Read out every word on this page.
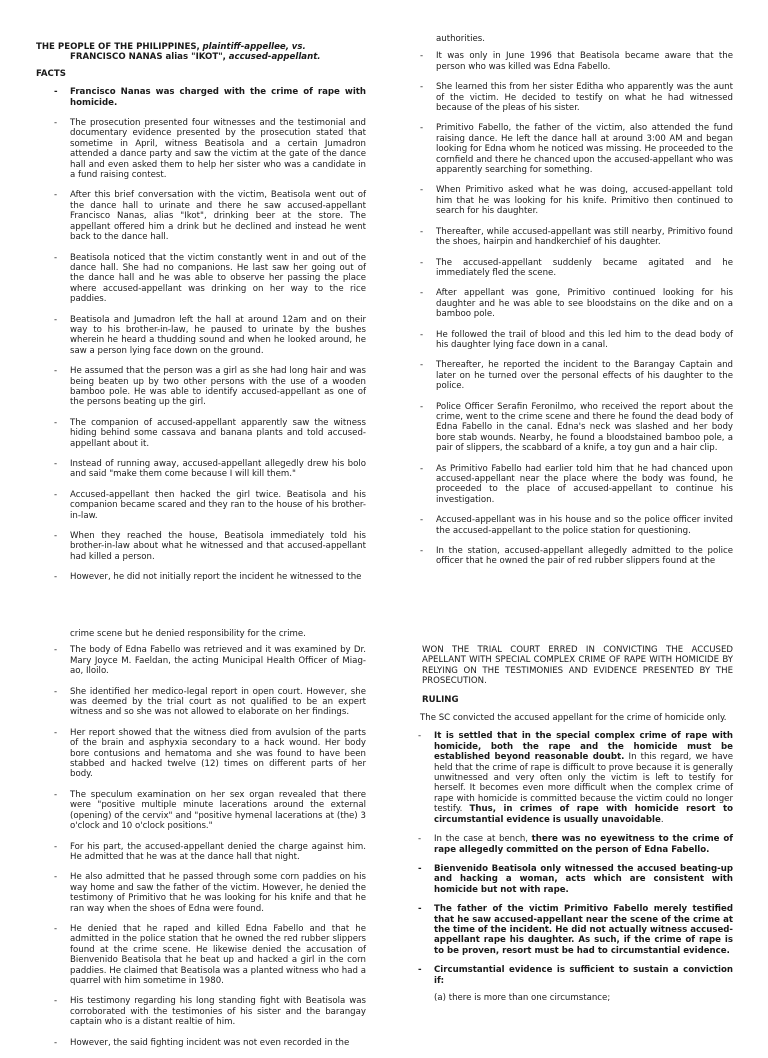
THE PEOPLE OF THE PHILIPPINES, plaintiff-appellee, vs.
FRANCISCO NANAS alias "IKOT", accused-appellant.
FACTS
- Francisco Nanas was charged with the crime of rape with homicide.
- The prosecution presented four witnesses and the testimonial and documentary evidence presented by the prosecution stated that sometime in April, witness Beatisola and a certain Jumadron attended a dance party and saw the victim at the gate of the dance hall and even asked them to help her sister who was a candidate in a fund raising contest.
- After this brief conversation with the victim, Beatisola went out of the dance hall to urinate and there he saw accused-appellant Francisco Nanas, alias "Ikot", drinking beer at the store. The appellant offered him a drink but he declined and instead he went back to the dance hall.
- Beatisola noticed that the victim constantly went in and out of the dance hall. She had no companions. He last saw her going out of the dance hall and he was able to observe her passing the place where accused-appellant was drinking on her way to the rice paddies.
- Beatisola and Jumadron left the hall at around 12am and on their way to his brother-in-law, he paused to urinate by the bushes wherein he heard a thudding sound and when he looked around, he saw a person lying face down on the ground.
- He assumed that the person was a girl as she had long hair and was being beaten up by two other persons with the use of a wooden bamboo pole. He was able to identify accused-appellant as one of the persons beating up the girl.
- The companion of accused-appellant apparently saw the witness hiding behind some cassava and banana plants and told accused-appellant about it.
- Instead of running away, accused-appellant allegedly drew his bolo and said "make them come because I will kill them."
- Accused-appellant then hacked the girl twice. Beatisola and his companion became scared and they ran to the house of his brother-in-law.
- When they reached the house, Beatisola immediately told his brother-in-law about what he witnessed and that accused-appellant had killed a person.
- However, he did not initially report the incident he witnessed to the
authorities.
- It was only in June 1996 that Beatisola became aware that the person who was killed was Edna Fabello.
- She learned this from her sister Editha who apparently was the aunt of the victim. He decided to testify on what he had witnessed because of the pleas of his sister.
- Primitivo Fabello, the father of the victim, also attended the fund raising dance. He left the dance hall at around 3:00 AM and began looking for Edna whom he noticed was missing. He proceeded to the cornfield and there he chanced upon the accused-appellant who was apparently searching for something.
- When Primitivo asked what he was doing, accused-appellant told him that he was looking for his knife. Primitivo then continued to search for his daughter.
- Thereafter, while accused-appellant was still nearby, Primitivo found the shoes, hairpin and handkerchief of his daughter.
- The accused-appellant suddenly became agitated and he immediately fled the scene.
- After appellant was gone, Primitivo continued looking for his daughter and he was able to see bloodstains on the dike and on a bamboo pole.
- He followed the trail of blood and this led him to the dead body of his daughter lying face down in a canal.
- Thereafter, he reported the incident to the Barangay Captain and later on he turned over the personal effects of his daughter to the police.
- Police Officer Serafin Feronilmo, who received the report about the crime, went to the crime scene and there he found the dead body of Edna Fabello in the canal. Edna's neck was slashed and her body bore stab wounds. Nearby, he found a bloodstained bamboo pole, a pair of slippers, the scabbard of a knife, a toy gun and a hair clip.
- As Primitivo Fabello had earlier told him that he had chanced upon accused-appellant near the place where the body was found, he proceeded to the place of accused-appellant to continue his investigation.
- Accused-appellant was in his house and so the police officer invited the accused-appellant to the police station for questioning.
- In the station, accused-appellant allegedly admitted to the police officer that he owned the pair of red rubber slippers found at the
crime scene but he denied responsibility for the crime.
- The body of Edna Fabello was retrieved and it was examined by Dr. Mary Joyce M. Faeldan, the acting Municipal Health Officer of Miag-ao, Iloilo.
- She identified her medico-legal report in open court. However, she was deemed by the trial court as not qualified to be an expert witness and so she was not allowed to elaborate on her findings.
- Her report showed that the witness died from avulsion of the parts of the brain and asphyxia secondary to a hack wound. Her body bore contusions and hematoma and she was found to have been stabbed and hacked twelve (12) times on different parts of her body.
- The speculum examination on her sex organ revealed that there were "positive multiple minute lacerations around the external (opening) of the cervix" and "positive hymenal lacerations at (the) 3 o'clock and 10 o'clock positions."
- For his part, the accused-appellant denied the charge against him. He admitted that he was at the dance hall that night.
- He also admitted that he passed through some corn paddies on his way home and saw the father of the victim. However, he denied the testimony of Primitivo that he was looking for his knife and that he ran way when the shoes of Edna were found.
- He denied that he raped and killed Edna Fabello and that he admitted in the police station that he owned the red rubber slippers found at the crime scene. He likewise denied the accusation of Bienvenido Beatisola that he beat up and hacked a girl in the corn paddies. He claimed that Beatisola was a planted witness who had a quarrel with him sometime in 1980.
- His testimony regarding his long standing fight with Beatisola was corroborated with the testimonies of his sister and the barangay captain who is a distant realtie of him.
- However, the said fighting incident was not even recorded in the
WON THE TRIAL COURT ERRED IN CONVICTING THE ACCUSED APELLANT WITH SPECIAL COMPLEX CRIME OF RAPE WITH HOMICIDE BY RELYING ON THE TESTIMONIES AND EVIDENCE PRESENTED BY THE PROSECUTION.
RULING
The SC convicted the accused appellant for the crime of homicide only.
- It is settled that in the special complex crime of rape with homicide, both the rape and the homicide must be established beyond reasonable doubt. In this regard, we have held that the crime of rape is difficult to prove because it is generally unwitnessed and very often only the victim is left to testify for herself. It becomes even more difficult when the complex crime of rape with homicide is committed because the victim could no longer testify. Thus, in crimes of rape with homicide resort to circumstantial evidence is usually unavoidable.
- In the case at bench, there was no eyewitness to the crime of rape allegedly committed on the person of Edna Fabello.
- Bienvenido Beatisola only witnessed the accused beating-up and hacking a woman, acts which are consistent with homicide but not with rape.
- The father of the victim Primitivo Fabello merely testified that he saw accused-appellant near the scene of the crime at the time of the incident. He did not actually witness accused-appellant rape his daughter. As such, if the crime of rape is to be proven, resort must be had to circumstantial evidence.
- Circumstantial evidence is sufficient to sustain a conviction if:
(a) there is more than one circumstance;
